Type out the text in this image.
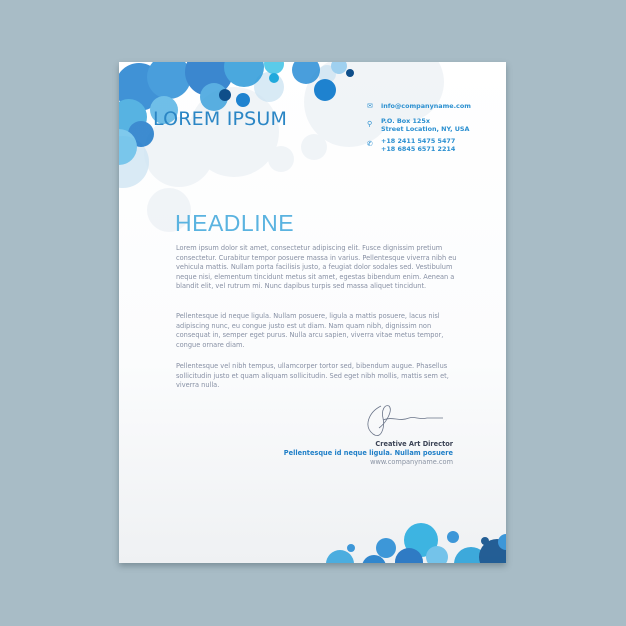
LOREM IPSUM
✉ info@companyname.com
⚲ P.O. Box 125x
Street Location, NY, USA
✆ +18 2411 5475 5477
+18 6845 6571 2214
HEADLINE

Lorem ipsum dolor sit amet, consectetur adipiscing elit. Fusce dignissim pretium consectetur. Curabitur tempor posuere massa in varius. Pellentesque viverra nibh eu vehicula mattis. Nullam porta facilisis justo, a feugiat dolor sodales sed. Vestibulum neque nisi, elementum tincidunt metus sit amet, egestas bibendum enim. Aenean a blandit elit, vel rutrum mi. Nunc dapibus turpis sed massa aliquet tincidunt.

Pellentesque id neque ligula. Nullam posuere, ligula a mattis posuere, lacus nisl adipiscing nunc, eu congue justo est ut diam. Nam quam nibh, dignissim non consequat in, semper eget purus. Nulla arcu sapien, viverra vitae metus tempor, congue ornare diam.

Pellentesque vel nibh tempus, ullamcorper tortor sed, bibendum augue. Phasellus sollicitudin justo et quam aliquam sollicitudin. Sed eget nibh mollis, mattis sem et, viverra nulla.

Creative Art Director
Pellentesque id neque ligula. Nullam posuere
www.companyname.com
